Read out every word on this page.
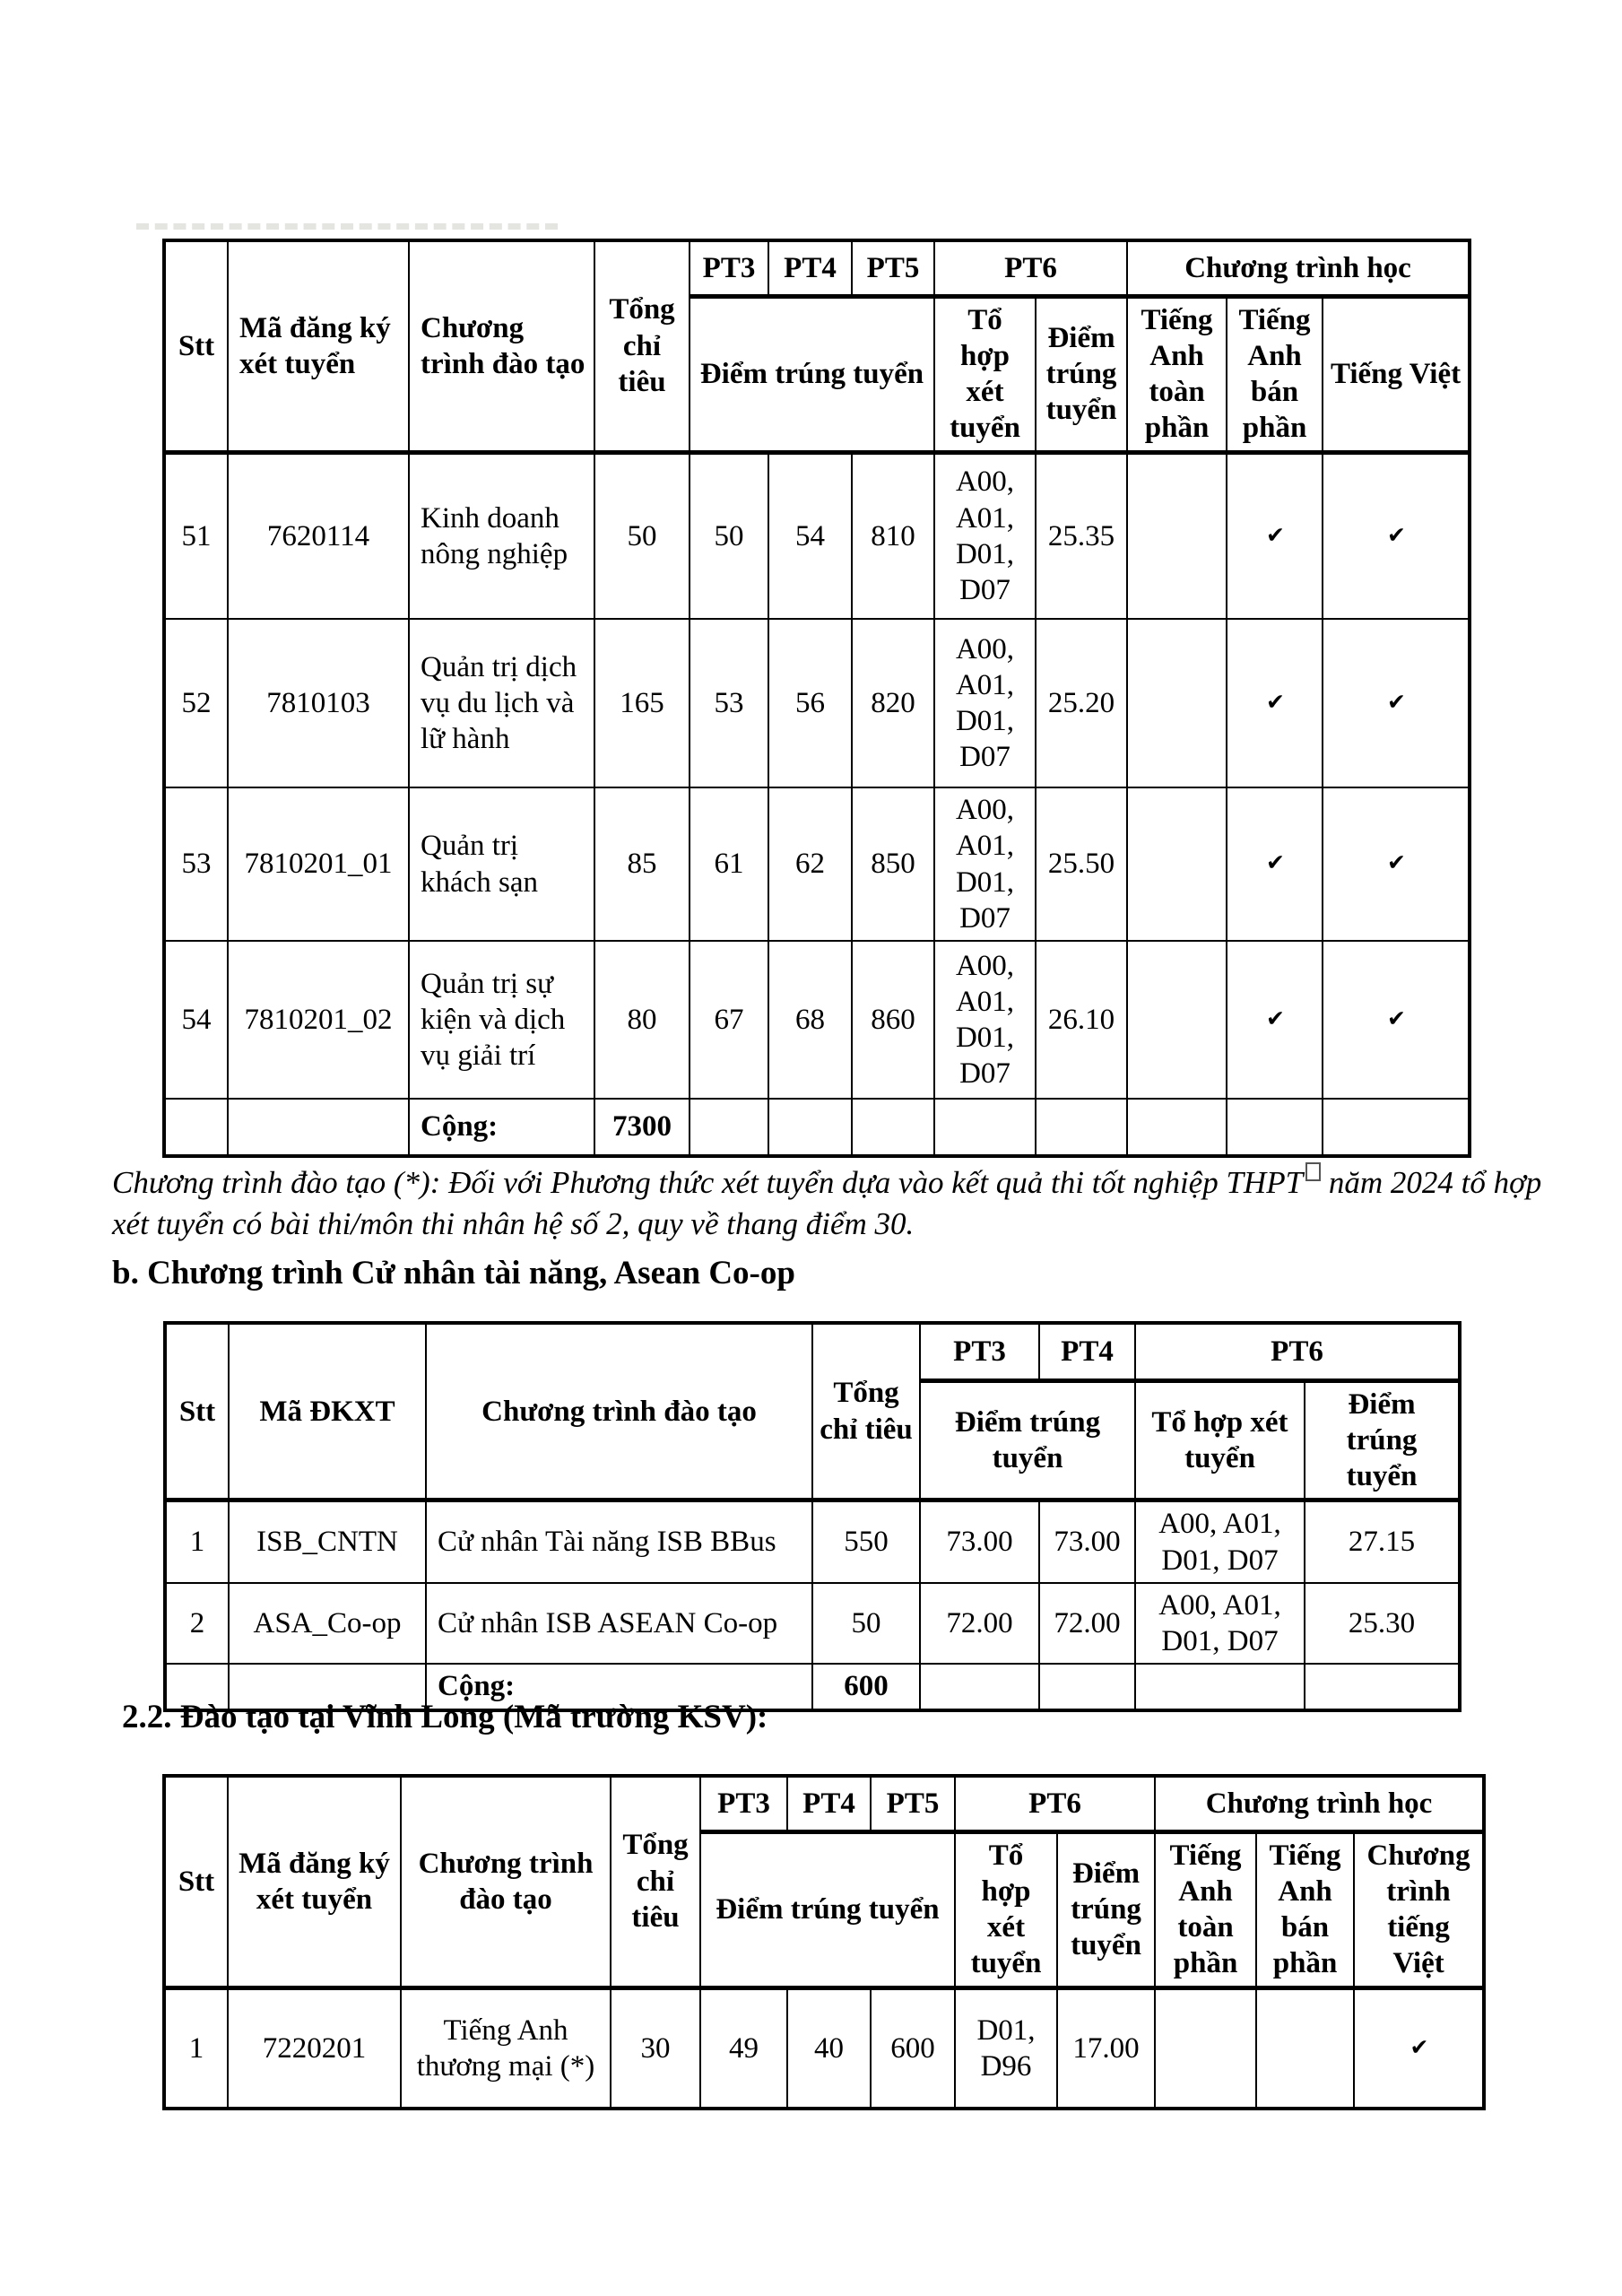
Stt	Mã đăng ký xét tuyển	Chương trình đào tạo	Tổng chỉ tiêu	PT3	PT4	PT5	PT6		Chương trình học		
				Điểm trúng tuyển			Tổ hợp xét tuyển	Điểm trúng tuyển	Tiếng Anh toàn phần	Tiếng Anh bán phần	Tiếng Việt
51	7620114	Kinh doanh nông nghiệp	50	50	54	810	A00, A01, D01, D07	25.35		✔	✔
52	7810103	Quản trị dịch vụ du lịch và lữ hành	165	53	56	820	A00, A01, D01, D07	25.20		✔	✔
53	7810201_01	Quản trị khách sạn	85	61	62	850	A00, A01, D01, D07	25.50		✔	✔
54	7810201_02	Quản trị sự kiện và dịch vụ giải trí	80	67	68	860	A00, A01, D01, D07	26.10		✔	✔
		Cộng:	7300								
Chương trình đào tạo (*): Đối với Phương thức xét tuyển dựa vào kết quả thi tốt nghiệp THPT năm 2024 tổ hợp xét tuyển có bài thi/môn thi nhân hệ số 2, quy về thang điểm 30.
b. Chương trình Cử nhân tài năng, Asean Co-op
Stt	Mã ĐKXT	Chương trình đào tạo	Tổng chỉ tiêu	PT3	PT4	PT6	
				Điểm trúng tuyển		Tổ hợp xét tuyển	Điểm trúng tuyển
1	ISB_CNTN	Cử nhân Tài năng ISB BBus	550	73.00	73.00	A00, A01, D01, D07	27.15
2	ASA_Co-op	Cử nhân ISB ASEAN Co-op	50	72.00	72.00	A00, A01, D01, D07	25.30
		Cộng:	600				
2.2. Đào tạo tại Vĩnh Long (Mã trường KSV):
Stt	Mã đăng ký xét tuyển	Chương trình đào tạo	Tổng chỉ tiêu	PT3	PT4	PT5	PT6		Chương trình học		
				Điểm trúng tuyển			Tổ hợp xét tuyển	Điểm trúng tuyển	Tiếng Anh toàn phần	Tiếng Anh bán phần	Chương trình tiếng Việt
1	7220201	Tiếng Anh thương mại (*)	30	49	40	600	D01, D96	17.00			✔
